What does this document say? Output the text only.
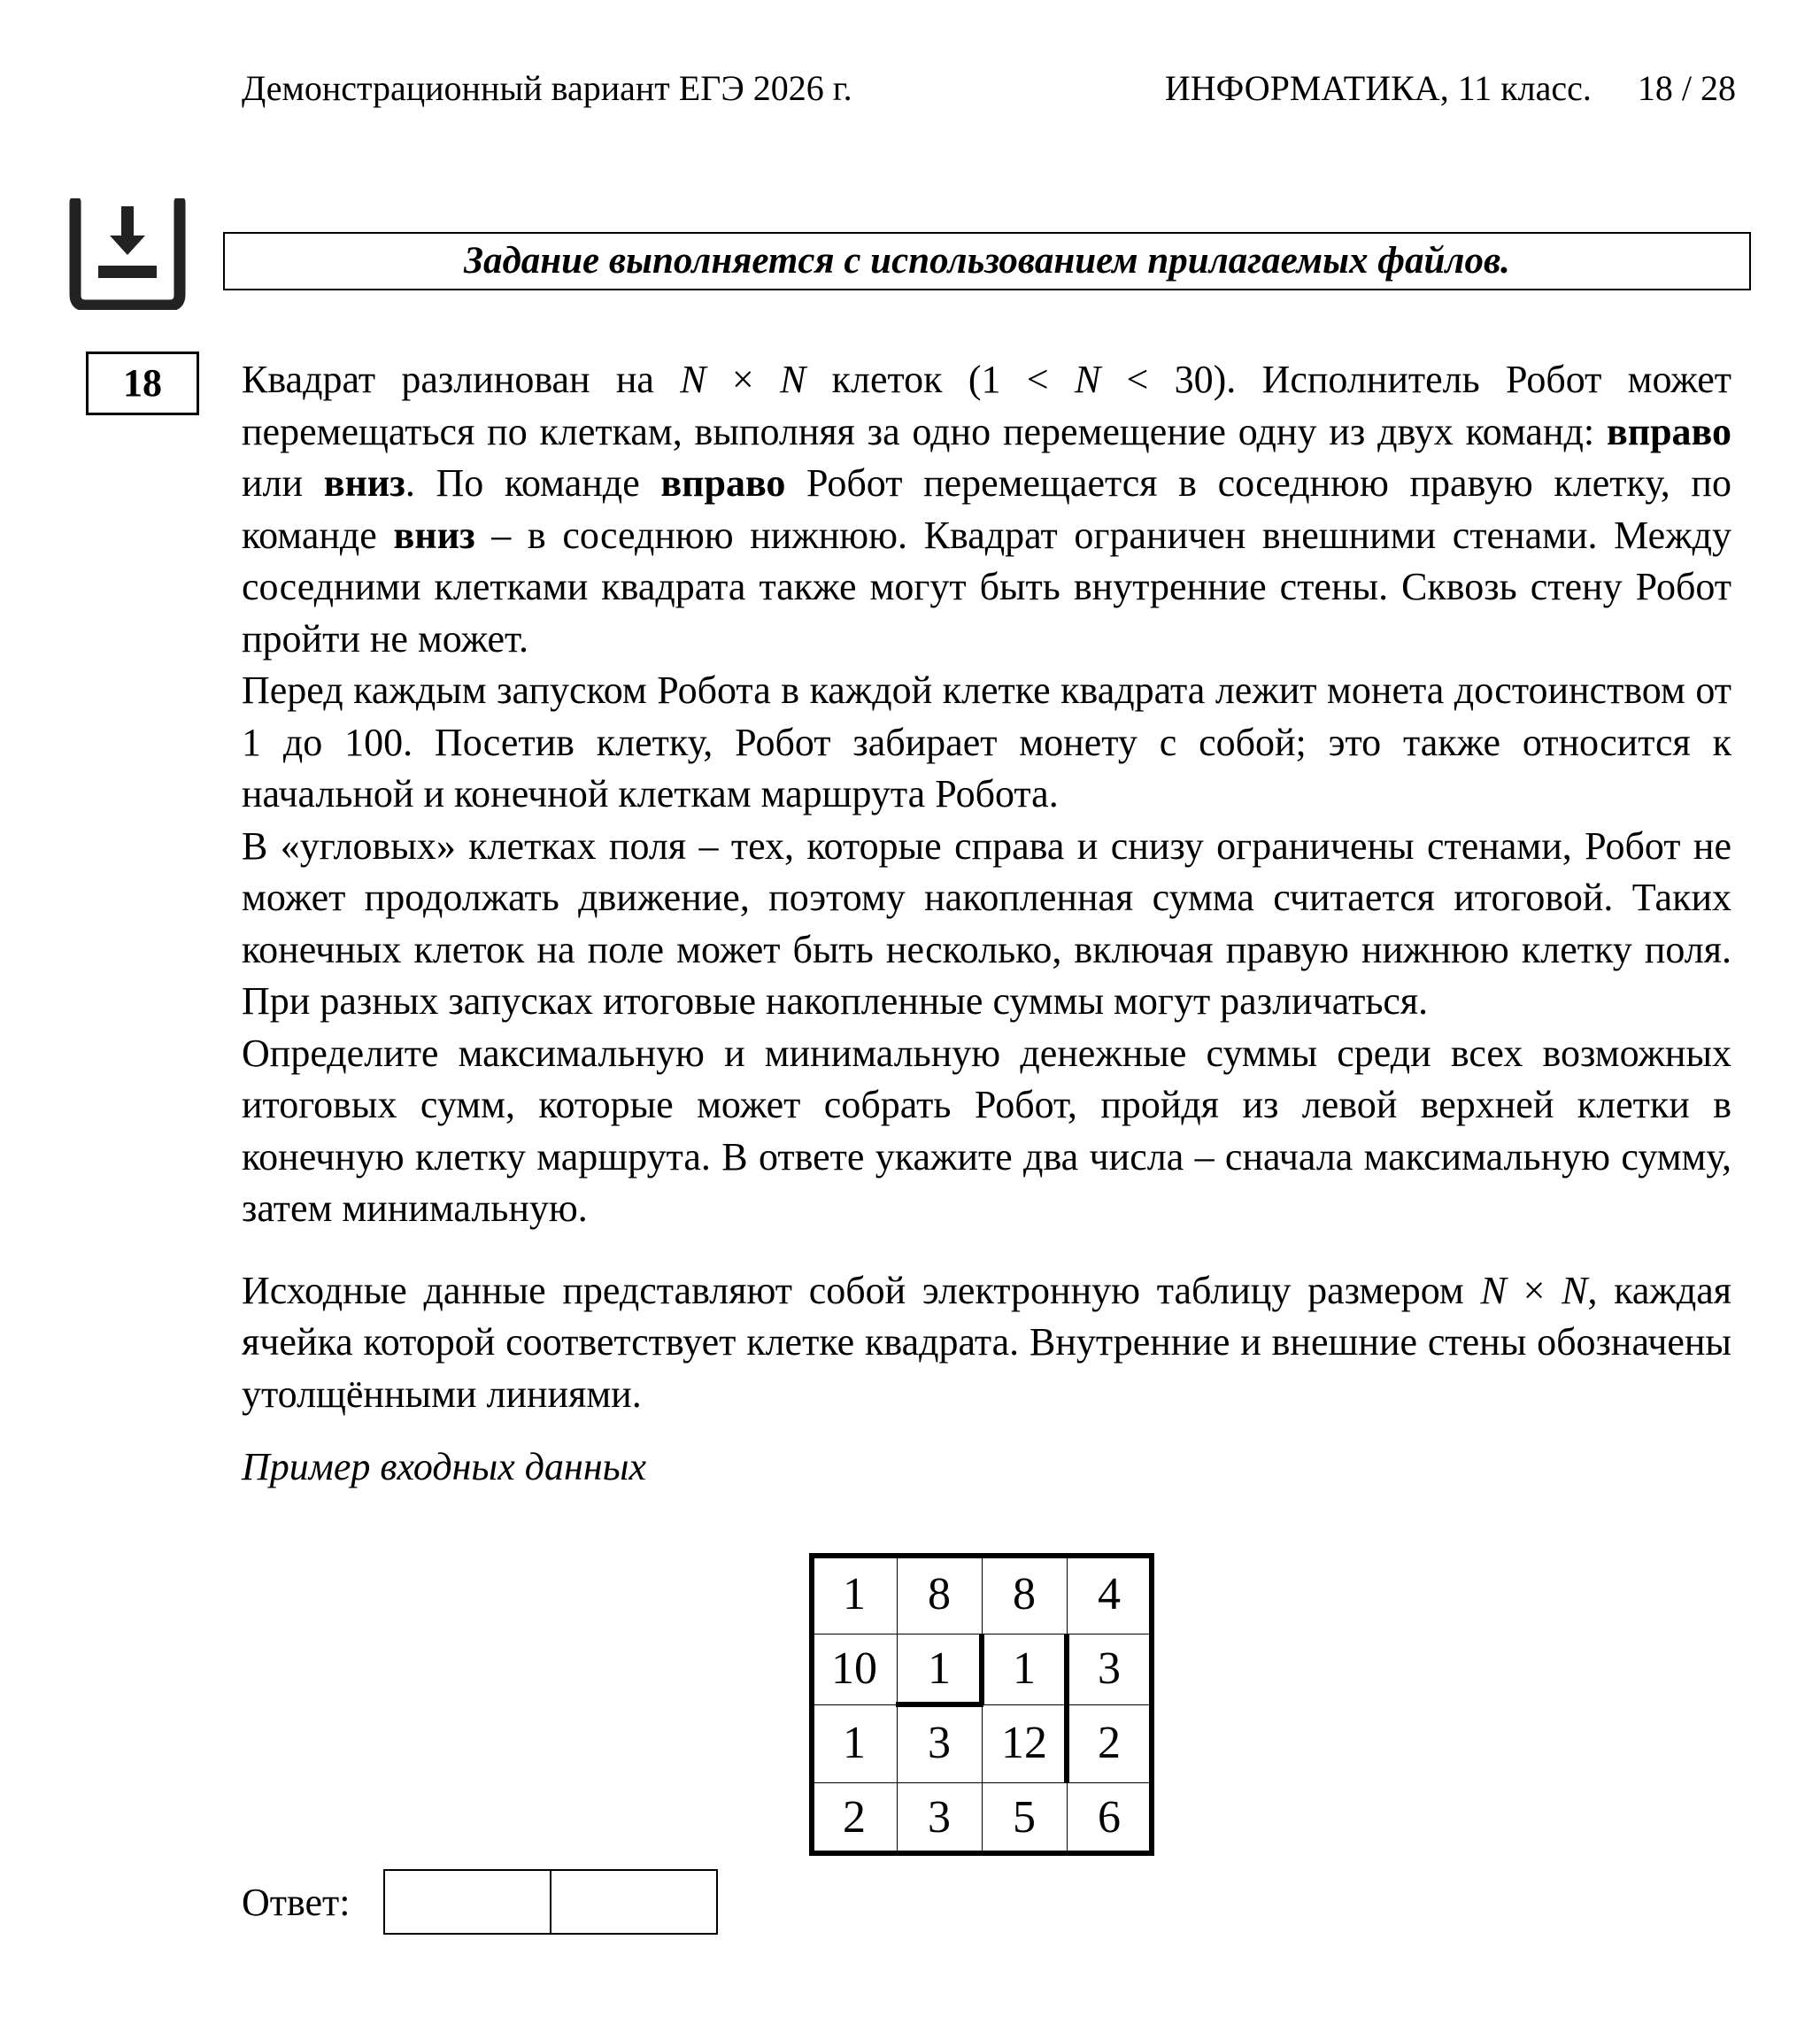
Демонстрационный вариант ЕГЭ 2026 г.	ИНФОРМАТИКА, 11 класс. 18 / 28
Задание выполняется с использованием прилагаемых файлов.
18	Квадрат разлинован на N × N клеток (1 < N < 30). Исполнитель Робот может перемещаться по клеткам, выполняя за одно перемещение одну из двух команд: вправо или вниз. По команде вправо Робот перемещается в соседнюю правую клетку, по команде вниз – в соседнюю нижнюю. Квадрат ограничен внешними стенами. Между соседними клетками квадрата также могут быть внутренние стены. Сквозь стену Робот пройти не может.

Перед каждым запуском Робота в каждой клетке квадрата лежит монета достоинством от 1 до 100. Посетив клетку, Робот забирает монету с собой; это также относится к начальной и конечной клеткам маршрута Робота.

В «угловых» клетках поля – тех, которые справа и снизу ограничены стенами, Робот не может продолжать движение, поэтому накопленная сумма считается итоговой. Таких конечных клеток на поле может быть несколько, включая правую нижнюю клетку поля. При разных запусках итоговые накопленные суммы могут различаться.

Определите максимальную и минимальную денежные суммы среди всех возможных итоговых сумм, которые может собрать Робот, пройдя из левой верхней клетки в конечную клетку маршрута. В ответе укажите два числа – сначала максимальную сумму, затем минимальную.

Исходные данные представляют собой электронную таблицу размером N × N, каждая ячейка которой соответствует клетке квадрата. Внутренние и внешние стены обозначены утолщёнными линиями.

Пример входных данных

1	8	8	4
10	1	1	3
1	3	12	2
2	3	5	6
Ответ:
